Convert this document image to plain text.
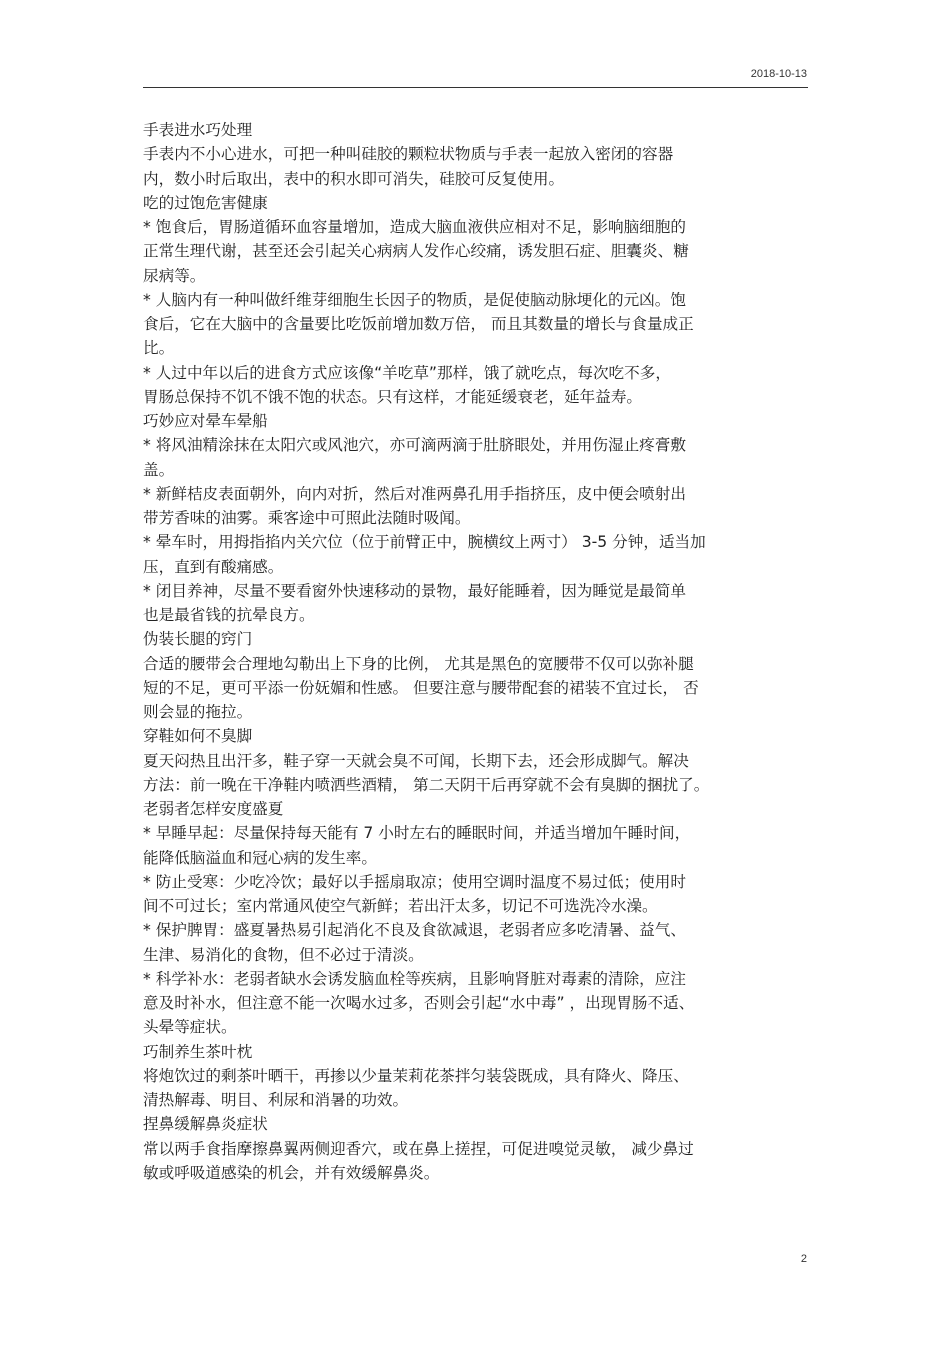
2018-10-13
手表进水巧处理
手表内不小心进水，可把一种叫硅胶的颗粒状物质与手表一起放入密闭的容器
内，数小时后取出，表中的积水即可消失，硅胶可反复使用。
吃的过饱危害健康
* 饱食后，胃肠道循环血容量增加，造成大脑血液供应相对不足，影响脑细胞的
正常生理代谢，甚至还会引起关心病病人发作心绞痛，诱发胆石症、胆囊炎、糖
尿病等。
* 人脑内有一种叫做纤维芽细胞生长因子的物质，是促使脑动脉埂化的元凶。饱
食后，它在大脑中的含量要比吃饭前增加数万倍， 而且其数量的增长与食量成正
比。
* 人过中年以后的进食方式应该像“羊吃草”那样，饿了就吃点，每次吃不多，
胃肠总保持不饥不饿不饱的状态。只有这样，才能延缓衰老，延年益寿。
巧妙应对晕车晕船
* 将风油精涂抹在太阳穴或风池穴，亦可滴两滴于肚脐眼处，并用伤湿止疼膏敷
盖。
* 新鲜桔皮表面朝外，向内对折，然后对准两鼻孔用手指挤压，皮中便会喷射出
带芳香味的油雾。乘客途中可照此法随时吸闻。
* 晕车时，用拇指掐内关穴位（位于前臂正中，腕横纹上两寸） 3-5 分钟，适当加
压，直到有酸痛感。
* 闭目养神，尽量不要看窗外快速移动的景物，最好能睡着，因为睡觉是最简单
也是最省钱的抗晕良方。
伪装长腿的窍门
合适的腰带会合理地勾勒出上下身的比例， 尤其是黑色的宽腰带不仅可以弥补腿
短的不足，更可平添一份妩媚和性感。 但要注意与腰带配套的裙装不宜过长， 否
则会显的拖拉。
穿鞋如何不臭脚
夏天闷热且出汗多，鞋子穿一天就会臭不可闻，长期下去，还会形成脚气。解决
方法：前一晚在干净鞋内喷洒些酒精， 第二天阴干后再穿就不会有臭脚的捆扰了。
老弱者怎样安度盛夏
* 早睡早起：尽量保持每天能有 7 小时左右的睡眠时间，并适当增加午睡时间，
能降低脑溢血和冠心病的发生率。
* 防止受寒：少吃冷饮；最好以手摇扇取凉；使用空调时温度不易过低；使用时
间不可过长；室内常通风使空气新鲜；若出汗太多，切记不可选洗冷水澡。
* 保护脾胃：盛夏暑热易引起消化不良及食欲减退，老弱者应多吃清暑、益气、
生津、易消化的食物，但不必过于清淡。
* 科学补水：老弱者缺水会诱发脑血栓等疾病，且影响肾脏对毒素的清除，应注
意及时补水，但注意不能一次喝水过多，否则会引起“水中毒” ，出现胃肠不适、
头晕等症状。
巧制养生茶叶枕
将炮饮过的剩茶叶晒干，再掺以少量茉莉花茶拌匀装袋既成，具有降火、降压、
清热解毒、明目、利尿和消暑的功效。
捏鼻缓解鼻炎症状
常以两手食指摩擦鼻翼两侧迎香穴，或在鼻上搓捏，可促进嗅觉灵敏， 减少鼻过
敏或呼吸道感染的机会，并有效缓解鼻炎。
2
